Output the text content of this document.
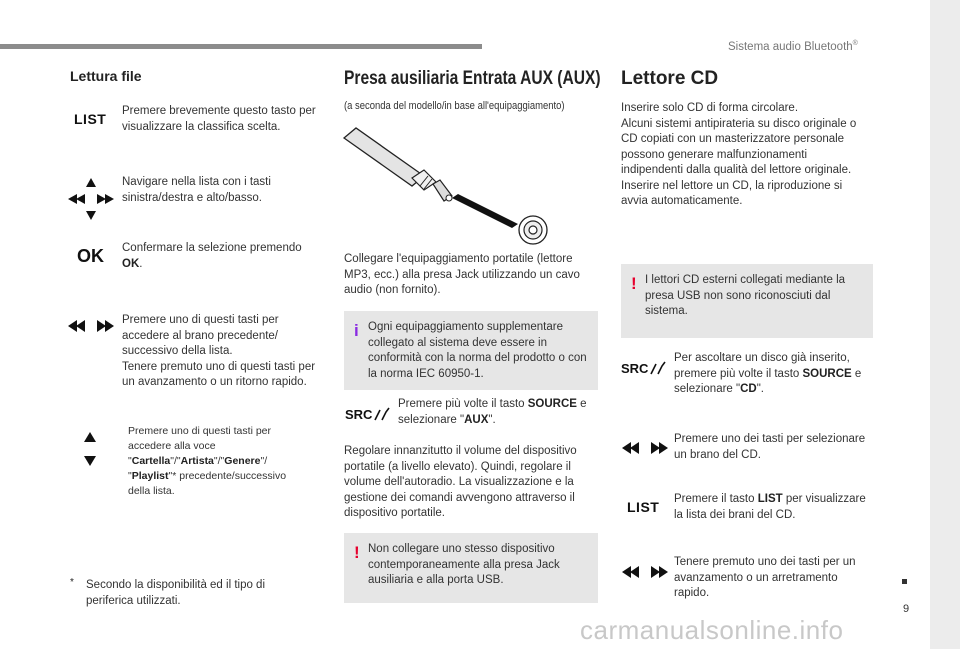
Sistema audio Bluetooth®
9
Lettura file
LIST Premere brevemente questo tasto per visualizzare la classifica scelta.
Navigare nella lista con i tasti sinistra/destra e alto/basso.
OK Confermare la selezione premendo OK.
Premere uno di questi tasti per accedere al brano precedente/ successivo della lista.
Tenere premuto uno di questi tasti per un avanzamento o un ritorno rapido.
Premere uno di questi tasti per accedere alla voce "Cartella"/"Artista"/"Genere"/ "Playlist"* precedente/successivo della lista.
* Secondo la disponibilità ed il tipo di periferica utilizzati.
Presa ausiliaria Entrata AUX (AUX)
(a seconda del modello/in base all'equipaggiamento)
Collegare l'equipaggiamento portatile (lettore MP3, ecc.) alla presa Jack utilizzando un cavo audio (non fornito).
i Ogni equipaggiamento supplementare collegato al sistema deve essere in conformità con la norma del prodotto o con la norma IEC 60950-1.
SRC
Premere più volte il tasto SOURCE e selezionare "AUX".
Regolare innanzitutto il volume del dispositivo portatile (a livello elevato). Quindi, regolare il volume dell'autoradio. La visualizzazione e la gestione dei comandi avvengono attraverso il dispositivo portatile.
! Non collegare uno stesso dispositivo contemporaneamente alla presa Jack ausiliaria e alla porta USB.
Lettore CD
Inserire solo CD di forma circolare.
Alcuni sistemi antipirateria su disco originale o CD copiati con un masterizzatore personale possono generare malfunzionamenti indipendenti dalla qualità del lettore originale.
Inserire nel lettore un CD, la riproduzione si avvia automaticamente.
! I lettori CD esterni collegati mediante la presa USB non sono riconosciuti dal sistema.
SRC
Per ascoltare un disco già inserito, premere più volte il tasto SOURCE e selezionare "CD".
Premere uno dei tasti per selezionare un brano del CD.
LIST Premere il tasto LIST per visualizzare la lista dei brani del CD.
Tenere premuto uno dei tasti per un avanzamento o un arretramento rapido.
carmanualsonline.info
